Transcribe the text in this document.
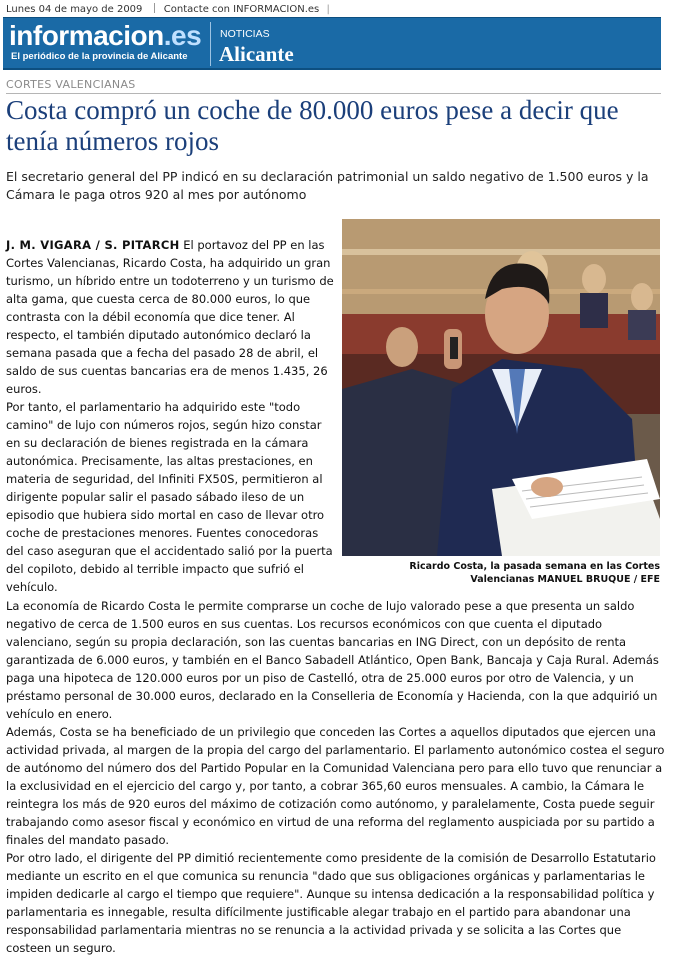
Lunes 04 de mayo de 2009 Contacte con INFORMACION.es |
informacion.es
El periódico de la provincia de Alicante
NOTICIAS
Alicante
CORTES VALENCIANAS
Costa compró un coche de 80.000 euros pese a decir que tenía números rojos
El secretario general del PP indicó en su declaración patrimonial un saldo negativo de 1.500 euros y la Cámara le paga otros 920 al mes por autónomo
Ricardo Costa, la pasada semana en las Cortes
Valencianas MANUEL BRUQUE / EFE

J. M. VIGARA / S. PITARCH El portavoz del PP en las Cortes Valencianas, Ricardo Costa, ha adquirido un gran turismo, un híbrido entre un todoterreno y un turismo de alta gama, que cuesta cerca de 80.000 euros, lo que contrasta con la débil economía que dice tener. Al respecto, el también diputado autonómico declaró la semana pasada que a fecha del pasado 28 de abril, el saldo de sus cuentas bancarias era de menos 1.435, 26 euros.

Por tanto, el parlamentario ha adquirido este "todo camino" de lujo con números rojos, según hizo constar en su declaración de bienes registrada en la cámara autonómica. Precisamente, las altas prestaciones, en materia de seguridad, del Infiniti FX50S, permitieron al dirigente popular salir el pasado sábado ileso de un episodio que hubiera sido mortal en caso de llevar otro coche de prestaciones menores. Fuentes conocedoras del caso aseguran que el accidentado salió por la puerta del copiloto, debido al terrible impacto que sufrió el vehículo.

La economía de Ricardo Costa le permite comprarse un coche de lujo valorado pese a que presenta un saldo negativo de cerca de 1.500 euros en sus cuentas. Los recursos económicos con que cuenta el diputado valenciano, según su propia declaración, son las cuentas bancarias en ING Direct, con un depósito de renta garantizada de 6.000 euros, y también en el Banco Sabadell Atlántico, Open Bank, Bancaja y Caja Rural. Además paga una hipoteca de 120.000 euros por un piso de Castelló, otra de 25.000 euros por otro de Valencia, y un préstamo personal de 30.000 euros, declarado en la Conselleria de Economía y Hacienda, con la que adquirió un vehículo en enero.

Además, Costa se ha beneficiado de un privilegio que conceden las Cortes a aquellos diputados que ejercen una actividad privada, al margen de la propia del cargo del parlamentario. El parlamento autonómico costea el seguro de autónomo del número dos del Partido Popular en la Comunidad Valenciana pero para ello tuvo que renunciar a la exclusividad en el ejercicio del cargo y, por tanto, a cobrar 365,60 euros mensuales. A cambio, la Cámara le reintegra los más de 920 euros del máximo de cotización como autónomo, y paralelamente, Costa puede seguir trabajando como asesor fiscal y económico en virtud de una reforma del reglamento auspiciada por su partido a finales del mandato pasado.

Por otro lado, el dirigente del PP dimitió recientemente como presidente de la comisión de Desarrollo Estatutario mediante un escrito en el que comunica su renuncia "dado que sus obligaciones orgánicas y parlamentarias le impiden dedicarle al cargo el tiempo que requiere". Aunque su intensa dedicación a la responsabilidad política y parlamentaria es innegable, resulta difícilmente justificable alegar trabajo en el partido para abandonar una responsabilidad parlamentaria mientras no se renuncia a la actividad privada y se solicita a las Cortes que costeen un seguro.
